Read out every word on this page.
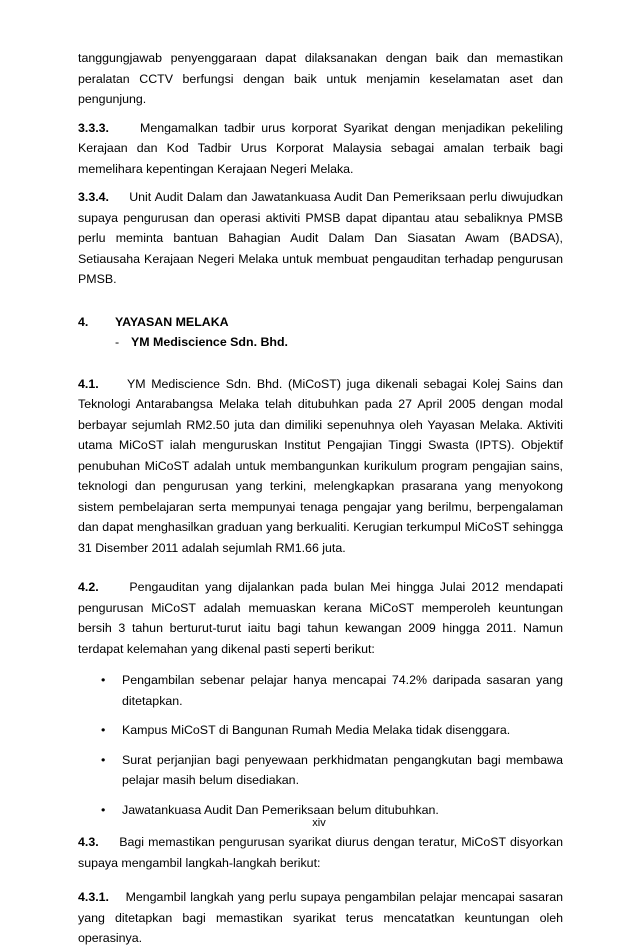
tanggungjawab penyenggaraan dapat dilaksanakan dengan baik dan memastikan peralatan CCTV berfungsi dengan baik untuk menjamin keselamatan aset dan pengunjung.

3.3.3.	Mengamalkan tadbir urus korporat Syarikat dengan menjadikan pekeliling Kerajaan dan Kod Tadbir Urus Korporat Malaysia sebagai amalan terbaik bagi memelihara kepentingan Kerajaan Negeri Melaka.

3.3.4. Unit Audit Dalam dan Jawatankuasa Audit Dan Pemeriksaan perlu diwujudkan supaya pengurusan dan operasi aktiviti PMSB dapat dipantau atau sebaliknya PMSB perlu meminta bantuan Bahagian Audit Dalam Dan Siasatan Awam (BADSA), Setiausaha Kerajaan Negeri Melaka untuk membuat pengauditan terhadap pengurusan PMSB.

4.	YAYASAN MELAKA
- YM Mediscience Sdn. Bhd.

4.1. YM Mediscience Sdn. Bhd. (MiCoST) juga dikenali sebagai Kolej Sains dan Teknologi Antarabangsa Melaka telah ditubuhkan pada 27 April 2005 dengan modal berbayar sejumlah RM2.50 juta dan dimiliki sepenuhnya oleh Yayasan Melaka. Aktiviti utama MiCoST ialah menguruskan Institut Pengajian Tinggi Swasta (IPTS). Objektif penubuhan MiCoST adalah untuk membangunkan kurikulum program pengajian sains, teknologi dan pengurusan yang terkini, melengkapkan prasarana yang menyokong sistem pembelajaran serta mempunyai tenaga pengajar yang berilmu, berpengalaman dan dapat menghasilkan graduan yang berkualiti. Kerugian terkumpul MiCoST sehingga 31 Disember 2011 adalah sejumlah RM1.66 juta.

4.2. Pengauditan yang dijalankan pada bulan Mei hingga Julai 2012 mendapati pengurusan MiCoST adalah memuaskan kerana MiCoST memperoleh keuntungan bersih 3 tahun berturut-turut iaitu bagi tahun kewangan 2009 hingga 2011. Namun terdapat kelemahan yang dikenal pasti seperti berikut:

• Pengambilan sebenar pelajar hanya mencapai 74.2% daripada sasaran yang ditetapkan.
• Kampus MiCoST di Bangunan Rumah Media Melaka tidak disenggara.
• Surat perjanjian bagi penyewaan perkhidmatan pengangkutan bagi membawa pelajar masih belum disediakan.
• Jawatankuasa Audit Dan Pemeriksaan belum ditubuhkan.

4.3. Bagi memastikan pengurusan syarikat diurus dengan teratur, MiCoST disyorkan supaya mengambil langkah-langkah berikut:

4.3.1. Mengambil langkah yang perlu supaya pengambilan pelajar mencapai sasaran yang ditetapkan bagi memastikan syarikat terus mencatatkan keuntungan oleh operasinya.

xiv
